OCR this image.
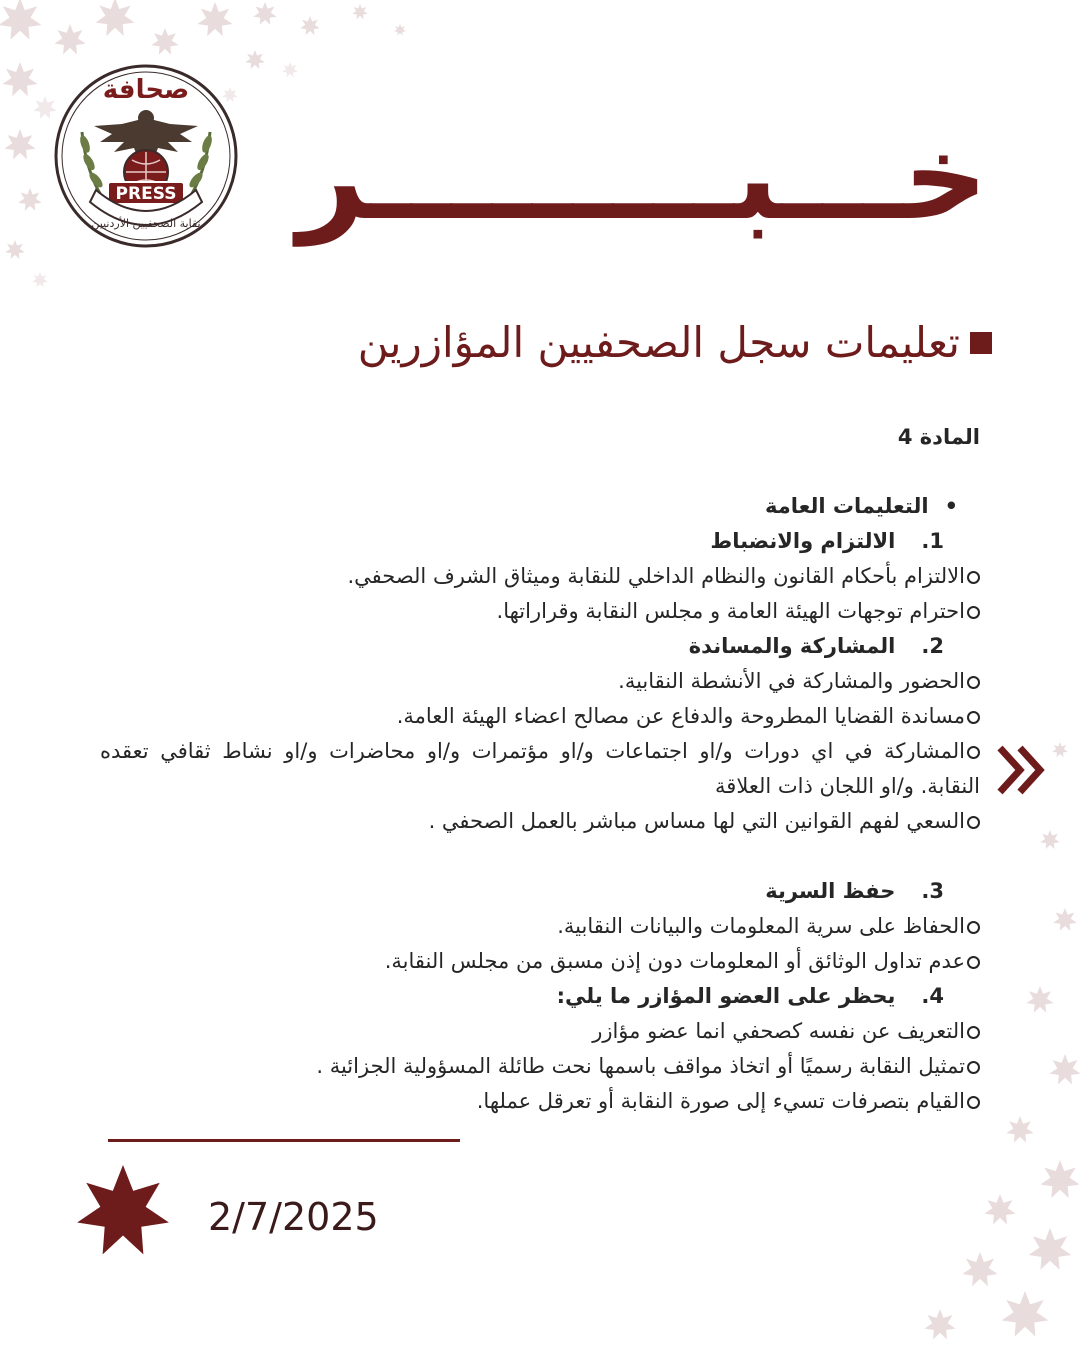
صحافة
PRESS
نقابة الصحفيين الأردنيين خـــبـــــــــر
تعليمات سجل الصحفيين المؤازرين
المادة 4
•التعليمات العامة
1.الالتزام والانضباط
الالتزام بأحكام القانون والنظام الداخلي للنقابة وميثاق الشرف الصحفي.
احترام توجهات الهيئة العامة و مجلس النقابة وقراراتها.
2.المشاركة والمساندة
الحضور والمشاركة في الأنشطة النقابية.
مساندة القضايا المطروحة والدفاع عن مصالح اعضاء الهيئة العامة.
المشاركة في اي دورات و/او اجتماعات و/او مؤتمرات و/او محاضرات و/او نشاط ثقافي تعقده النقابة. و/او اللجان ذات العلاقة
السعي لفهم القوانين التي لها مساس مباشر بالعمل الصحفي .
3.حفظ السرية
الحفاظ على سرية المعلومات والبيانات النقابية.
عدم تداول الوثائق أو المعلومات دون إذن مسبق من مجلس النقابة.
4.يحظر على العضو المؤازر ما يلي:
التعريف عن نفسه كصحفي انما عضو مؤازر
تمثيل النقابة رسميًا أو اتخاذ مواقف باسمها نحت طائلة المسؤولية الجزائية .
القيام بتصرفات تسيء إلى صورة النقابة أو تعرقل عملها.
2/7/2025
